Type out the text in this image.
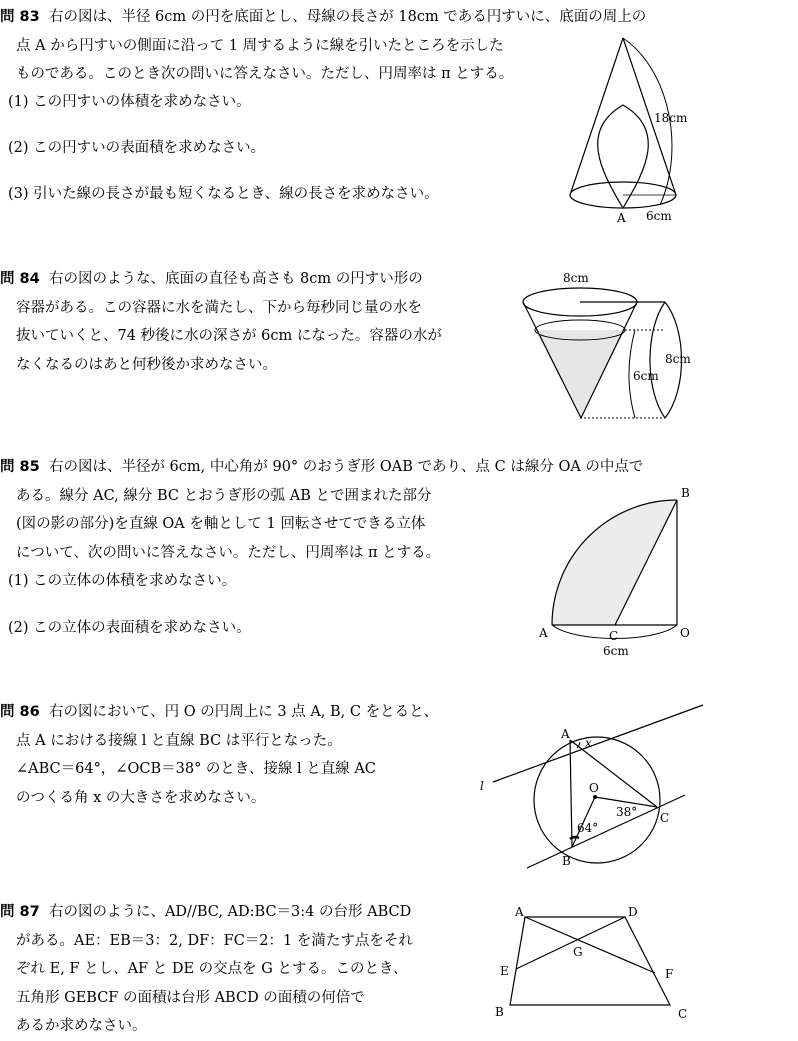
問 83 右の図は、半径 6cm の円を底面とし、母線の長さが 18cm である円すいに、底面の周上の
点 A から円すいの側面に沿って 1 周するように線を引いたところを示した
ものである。このとき次の問いに答えなさい。ただし、円周率は π とする。
(1) この円すいの体積を求めなさい。
(2) この円すいの表面積を求めなさい。
(3) 引いた線の長さが最も短くなるとき、線の長さを求めなさい。
18cm
A 6cm
問 84 右の図のような、底面の直径も高さも 8cm の円すい形の
容器がある。この容器に水を満たし、下から毎秒同じ量の水を
抜いていくと、74 秒後に水の深さが 6cm になった。容器の水が
なくなるのはあと何秒後か求めなさい。
8cm
8cm
6cm
問 85 右の図は、半径が 6cm, 中心角が 90° のおうぎ形 OAB であり、点 C は線分 OA の中点で
ある。線分 AC, 線分 BC とおうぎ形の弧 AB とで囲まれた部分
(図の影の部分)を直線 OA を軸として 1 回転させてできる立体
について、次の問いに答えなさい。ただし、円周率は π とする。
(1) この立体の体積を求めなさい。
(2) この立体の表面積を求めなさい。
B
A	C	O
6cm
問 86 右の図において、円 O の円周上に 3 点 A, B, C をとると、
点 A における接線 l と直線 BC は平行となった。
∠ABC＝64°，∠OCB＝38° のとき、接線 l と直線 AC
のつくる角 x の大きさを求めなさい。
A
x
l	O
38° C
64°
B
問 87 右の図のように、AD//BC, AD:BC＝3:4 の台形 ABCD
がある。AE：EB＝3：2, DF：FC＝2：1 を満たす点をそれ
ぞれ E, F とし、AF と DE の交点を G とする。このとき、
五角形 GEBCF の面積は台形 ABCD の面積の何倍で
あるか求めなさい。
A	D
G
E	F
B	C
